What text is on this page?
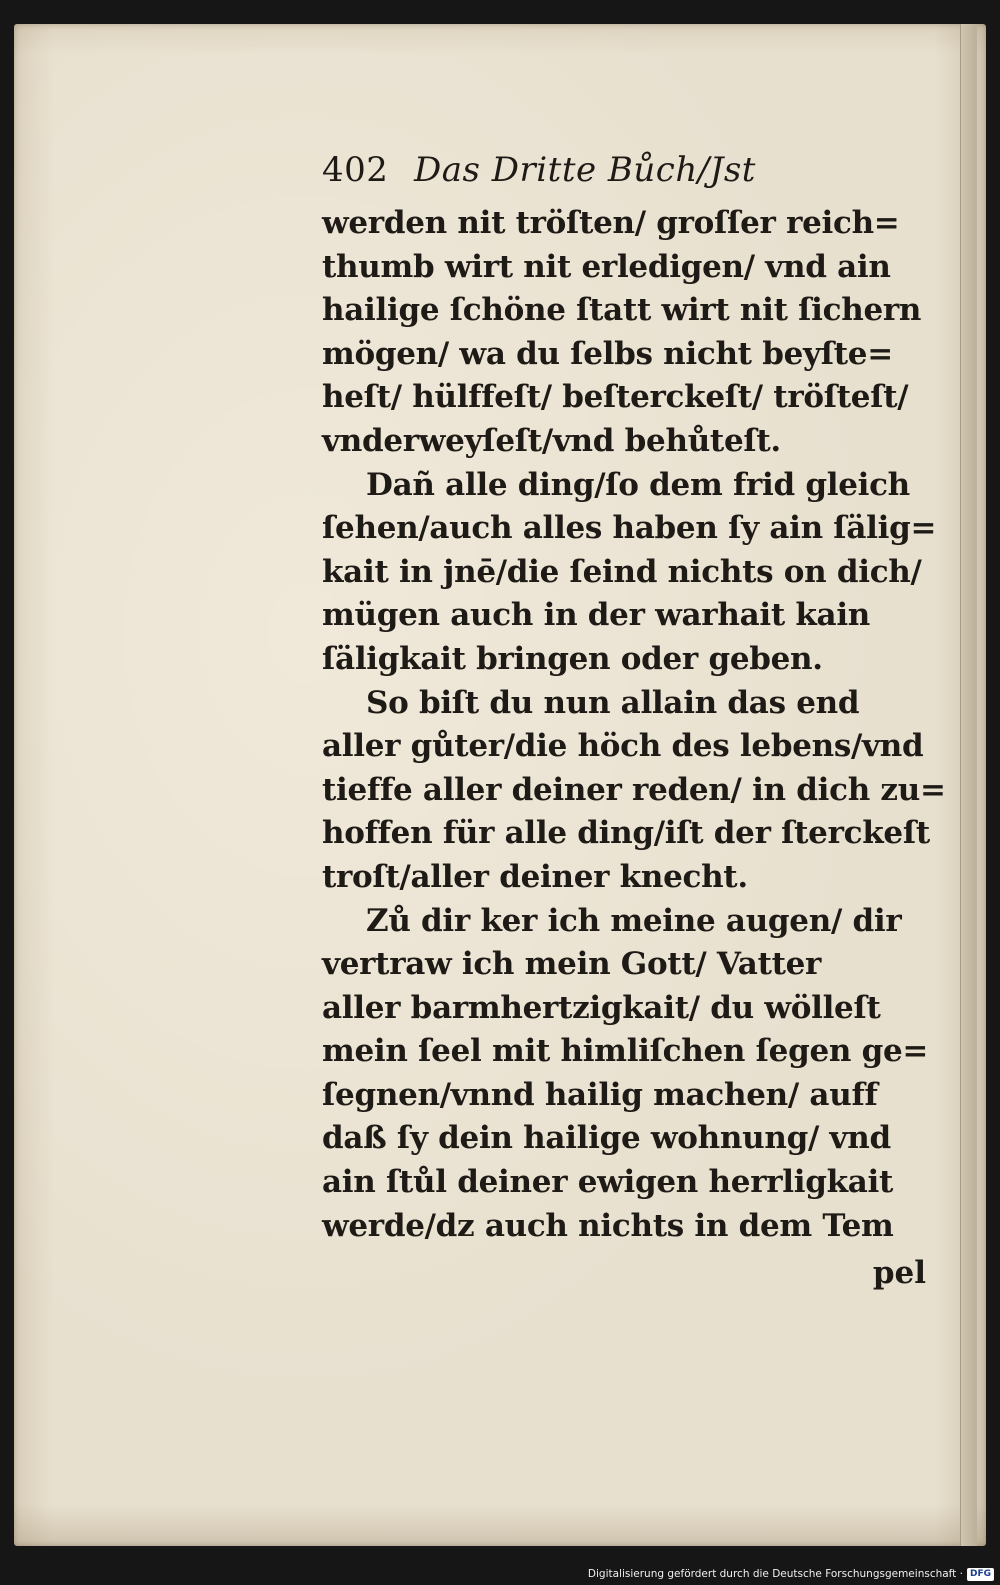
402 Das Dritte Bůch/Jst
werden nit tröſten/ groſſer reich=
thumb wirt nit erledigen/ vnd ain
hailige ſchöne ſtatt wirt nit ſichern
mögen/ wa du ſelbs nicht beyſte=
heſt/ hülffeſt/ beſterckeſt/ tröſteſt/
vnderweyſeſt/vnd behůteſt.
Dañ alle ding/ſo dem frid gleich
ſehen/auch alles haben ſy ain ſälig=
kait in jnē/die ſeind nichts on dich/
mügen auch in der warhait kain
ſäligkait bringen oder geben.
So biſt du nun allain das end
aller gůter/die höch des lebens/vnd
tieffe aller deiner reden/ in dich zu=
hoffen für alle ding/iſt der ſterckeſt
troſt/aller deiner knecht.
Zů dir ker ich meine augen/ dir
vertraw ich mein Gott/ Vatter
aller barmhertzigkait/ du wölleſt
mein ſeel mit himliſchen ſegen ge=
ſegnen/vnnd hailig machen/ auff
daß ſy dein hailige wohnung/ vnd
ain ſtůl deiner ewigen herrligkait
werde/dz auch nichts in dem Tem
pel
Digitalisierung gefördert durch die Deutsche Forschungsgemeinschaft · DFG
